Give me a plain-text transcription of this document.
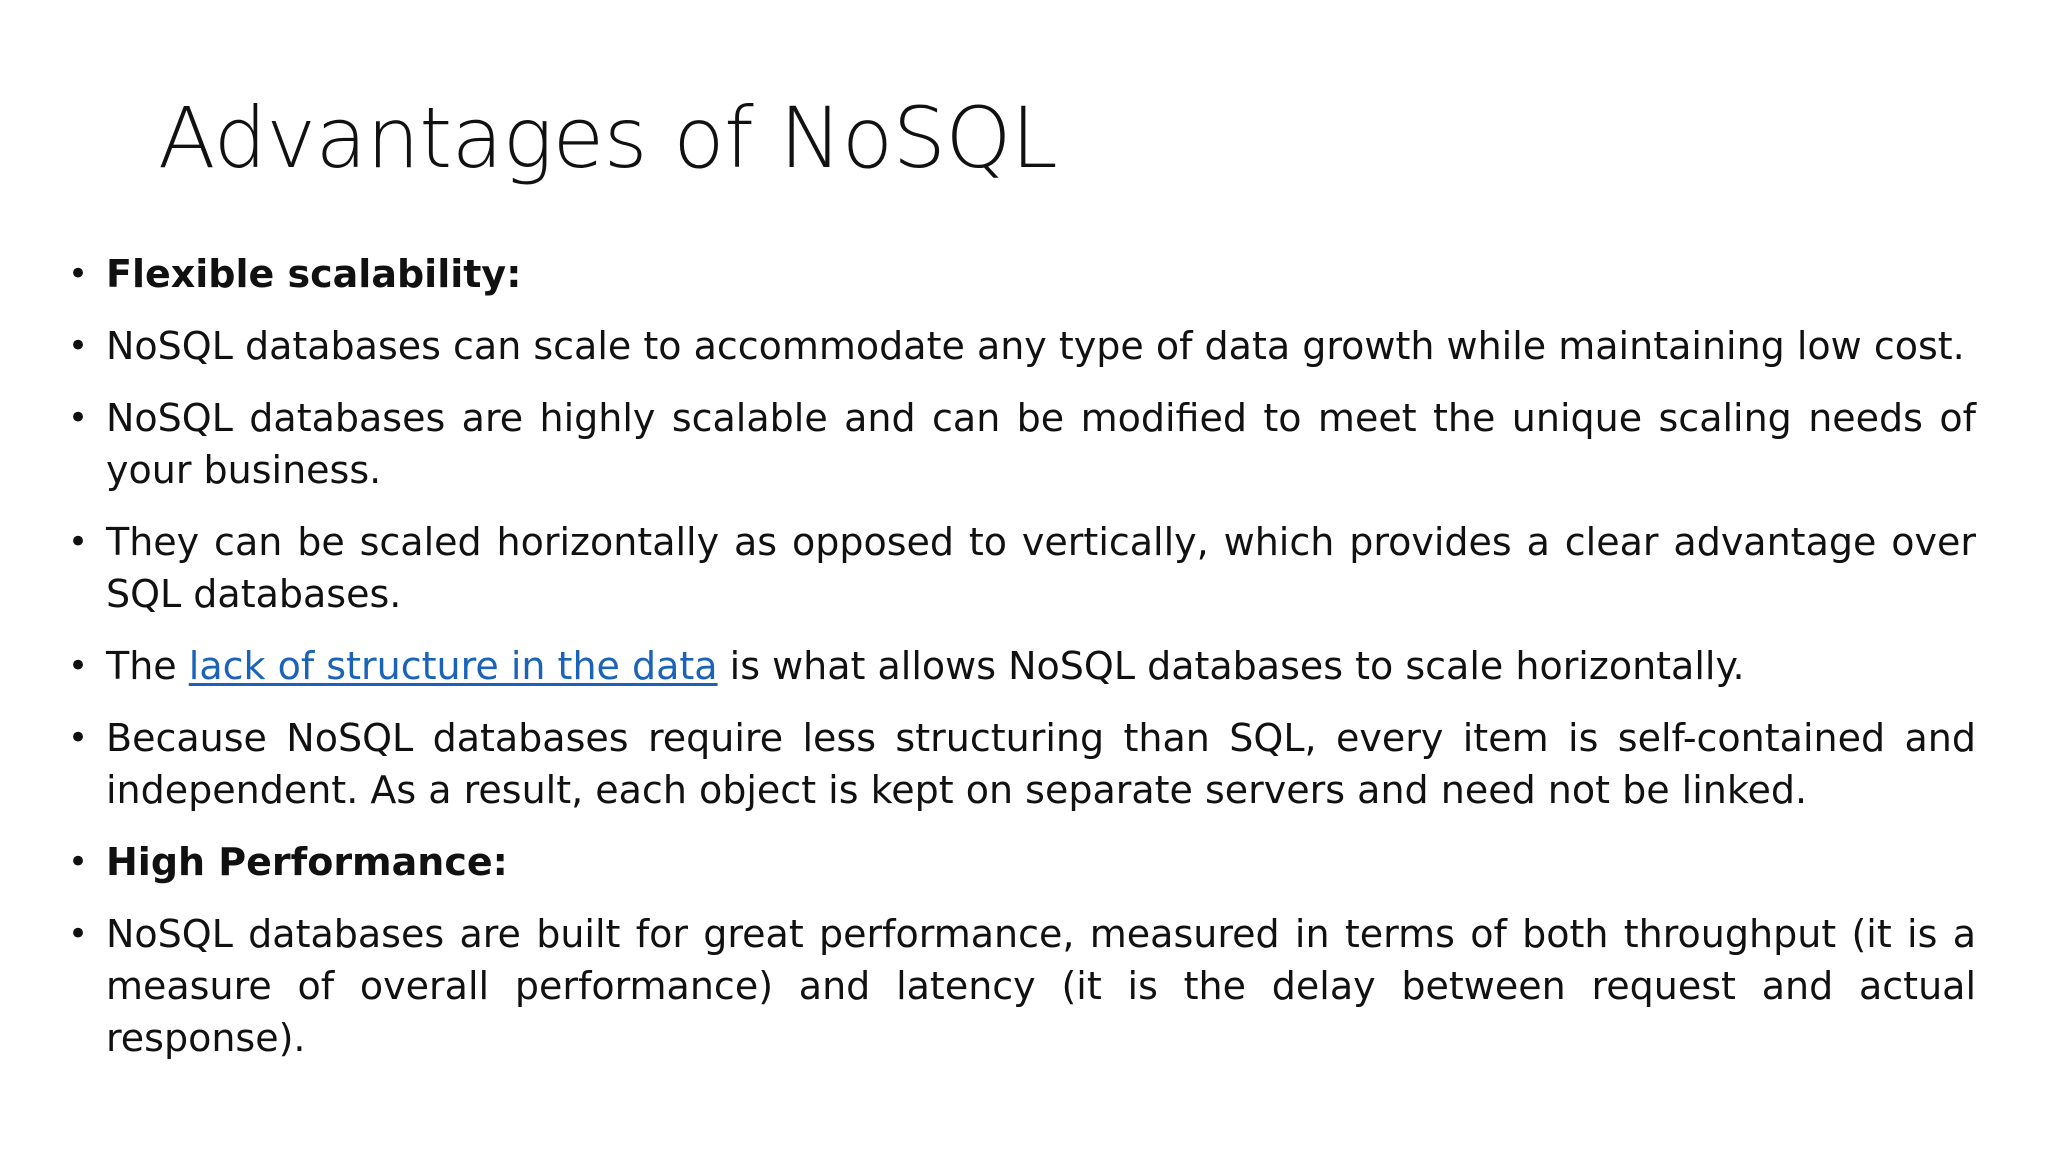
Advantages of NoSQL
• Flexible scalability:
• NoSQL databases can scale to accommodate any type of data growth while maintaining low cost.
• NoSQL databases are highly scalable and can be modified to meet the unique scaling needs of your business.
• They can be scaled horizontally as opposed to vertically, which provides a clear advantage over SQL databases.
• The lack of structure in the data is what allows NoSQL databases to scale horizontally.
• Because NoSQL databases require less structuring than SQL, every item is self-contained and independent. As a result, each object is kept on separate servers and need not be linked.
• High Performance:
• NoSQL databases are built for great performance, measured in terms of both throughput (it is a measure of overall performance) and latency (it is the delay between request and actual response).
